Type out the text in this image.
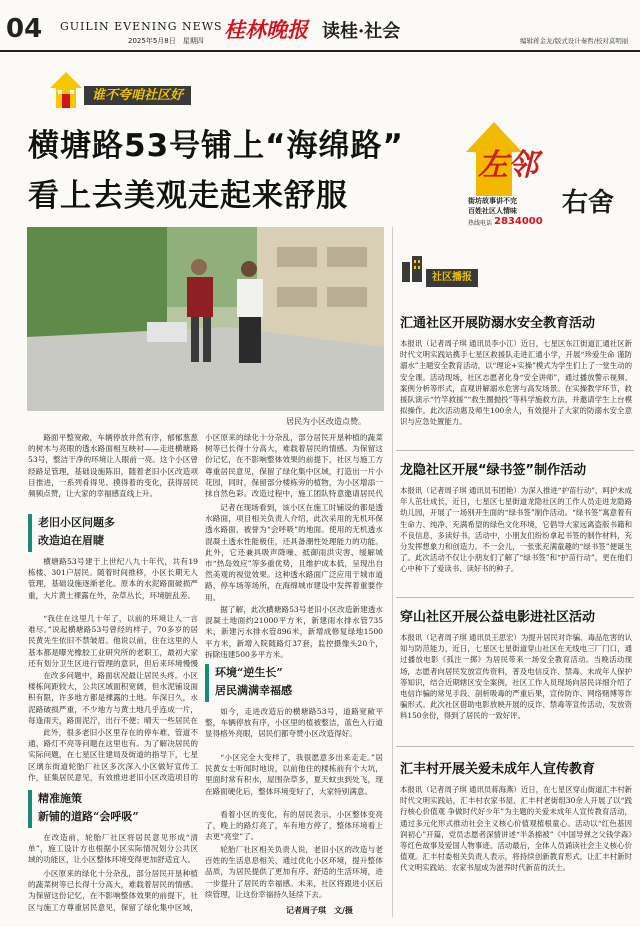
04 GUILIN EVENING NEWS
2025年5月8日　星期四 桂林晚报 读桂·社会	编辑蒋金龙/版式设计秦哲/校对莫明丽
谁不夸咱社区好
横塘路53号铺上“海绵路”
看上去美观走起来舒服
左邻
右舍
街坊故事讲不完
百姓社区人情味
热线电话 2834000
居民为小区改造点赞。
路面平整宽敞，车辆停放井然有序，郁郁葱葱的树木与亮眼的透水路面相互映衬——走进横塘路53号，整洁干净的环境让人眼前一亮。这个小区曾经路足管理，基础设施陈旧，随着老旧小区改造项目推进，一系列肴得见、摸得着的变化，获得居民频频点赞，让大家的幸福感直线上升。
老旧小区问题多
改造迫在眉睫
横塘路53号建于上世纪八九十年代，共有19栋楼、301户居民。随着时间推移，小区长期无人管理，基础设施逐渐老化。原本的水泥路面破损严重，大片黄土裸露在外，杂草丛长，环境脏乱差。
“我住在这里几十年了，以前的环境让人一言难尽。”说起横塘路53号曾经的样子，70多岁的居民黄先生依旧不禁皱眉。他说以前，住在这里的人基本都是曝光橡胶工业研究所的老职工，最初大家还有划分卫生区进行管理的意识，但后来环境慢慢
在改多问题中，路面状况最让居民头疼。小区楼栋间距较大，公共区域面积宽阔，但水泥铺设面积有限，许多地方都是裸露的土地。年深日久，水泥路破损严重，不少地方与黄土地几乎连成一片，每逢雨天，路面泥泞，出行不便；晴天一些居民在
此外，很多老旧小区里存在的停车难、管道不通、路灯不亮等问题在这里也有。为了解决居民的实际问题，在七星区住建局及街道的指导下，七星区璃东街道轮胎厂社区多次深入小区做好宣传工作，征集居民意见，有效推进老旧小区改造项目的
精准施策
新铺的道路“会呼吸”
在改造前，轮胎厂社区将居民意见形成“清单”，施工设计方也根据小区实际情况划分公共区域的功能区，让小区整体环境变得更加舒适宜人。
小区原来的绿化十分杂乱，部分居民开垦种植的蔬菜树等已长得十分高大，难载着居民的情感。为保留这份记忆，在不影响整体效果的前提下，社区与施工方尊重居民意见，保留了绿化集中区域，
小区原来的绿化十分杂乱，部分居民开垦种植的蔬菜树等已长得十分高大，难载着居民的情感。为保留这份记忆，在不影响整体效果的前提下，社区与施工方尊重居民意见，保留了绿化集中区域，打造出一片小花园，同时，保留部分楼栋旁的植物，为小区增添一抹自然色彩。改造过程中，施工团队特意邀请居民代
记者在现场看到，该小区在施工时铺设的都是透水路面，项目相关负责人介绍，此次采用的无机环保透水路面，被誉为“会呼吸”的地面。使用的无机透水混凝土透水性能极佳，还具备潮性处理能力的功能。此外，它还兼具吸声降噪、抵御雨洪灾害、缓解城市“热岛效应”等多重优势，且维护成本低，呈现出自然美观的视觉效果。这种透水路面广泛应用于城市道路、停车场等场所，在海绵城市建设中发挥着重要作用。
据了解，此次横塘路53号老旧小区改造新建透水混凝土地面约21000平方米，新建雨水排水管735米，新建污水排水管896米，新增成修复绿地1500平方米，新增入院随路灯37套，监控摄像头20个，拆除违建500多平方米。
环境“逆生长”
居民满满幸福感
如今，走进改造后的横塘路53号，道路宽敞平整，车辆停放有序，小区里的植被整洁，蓝色入行道显得格外亮眼，居民们都夸赞小区改造得好。
“小区完全大变样了，我很愿意多出来走走。”居民黄女士听闻时地说，以前他住的楼栋前有个大坑，里面时常有积水，屋围杂草多，夏天蚊虫到处飞，现在路面硬化后，整体环境变好了，大家特别满意。
看着小区的变化，有的居民表示，小区整体变亮了，晚上的路灯亮了，车有地方停了，整体环境看上去更“亮堂”了。
轮胎厂社区相关负责人说，老旧小区的改造与老百姓的生活息息相关，通过优化小区环境，提升整体品质，为居民提供了更加有序、舒适的生活环境，进一步提升了居民的幸福感。未来，社区将跟进小区后续管理，让这份幸福持久延续下去。
记者周子琪　文/摄
社区播报
汇通社区开展防溺水安全教育活动
本报讯（记者周子琪 通讯员李小江）近日，七星区东江街道汇通社区新时代文明实践站携手七星区救援队走进汇通小学，开展“珍爱生命 谨防溺水”主题安全教育活动，以“理论+实操”模式为学生们上了一堂生动的安全课。活动现场，社区志愿者化身“安全讲师”，通过播放警示视频、案例分析等形式，直观讲解溺水危害与高发场景。在实操教学环节，救援队演示“竹竿救援”“救生圈抛投”等科学施救方法，并邀请学生上台模拟操作。此次活动惠及师生100余人，有效提升了大家的防溺水安全意识与应急处置能力。
龙隐社区开展“绿书签”制作活动
本报讯（记者周子琪 通讯员韦团艳）为深入推进“护苗行动”，呵护未成年人茁壮成长，近日，七星区七星街道龙隐社区的工作人员走进龙隐路幼儿园，开展了一场别开生面的“绿书签”制作活动。“绿书签”寓意着有生命力、纯净、充满希望的绿色文化环境，它倡导大家远离盗版书籍和不良信息，多读好书。活动中，小朋友们纷纷拿起书签的制作材料，充分发挥想象力和创造力。不一会儿，一张张充满童趣的“绿书签”便诞生了。此次活动不仅让小朋友们了解了“绿书签”和“护苗行动”，更在他们心中种下了爱读书、读好书的种子。
穿山社区开展公益电影进社区活动
本报讯（记者周子琪 通讯员王思宏）为提升居民对诈骗、毒品危害的认知与防范能力，近日，七星区七星街道穿山社区在无线电三厂门口，通过播放电影《孤注一掷》为居民带来一场安全教育活动。当晚活动现场，志愿者向居民发放宣传资料，普及电信反诈、禁毒、未成年人保护等知识，结合近期辖区安全案例，社区工作人员现场向居民详细介绍了电信诈骗的常见手段、剖析吸毒的严重后果，宣传防诈、网络赌博等诈骗形式。此次社区借助电影放映开展的反诈、禁毒等宣传活动，发放资料150余份，得到了居民的一致好评。
汇丰村开展关爱未成年人宣传教育
本报讯（记者周子琪 通讯员蒋海燕）近日，在七星区穿山街道汇丰村新时代文明实践站，汇丰村农家书屋、汇丰村老街组30余人开展了以“践行核心价值观 争做时代好少年”为主题的关爱未成年人宣传教育活动，通过多元化形式推动社会主义核心价值观植根童心。活动以“红色基因润初心”开篇，党员志愿者深情讲述“半条棉被”《中国导弹之父钱学森》等红色故事及爱国人物事迹。活动最后，全体人员诵读社会主义核心价值观。汇丰村委相关负责人表示，将持续创新教育形式，让汇丰村新时代文明实践站、农家书屋成为滋养时代新苗的沃土。
